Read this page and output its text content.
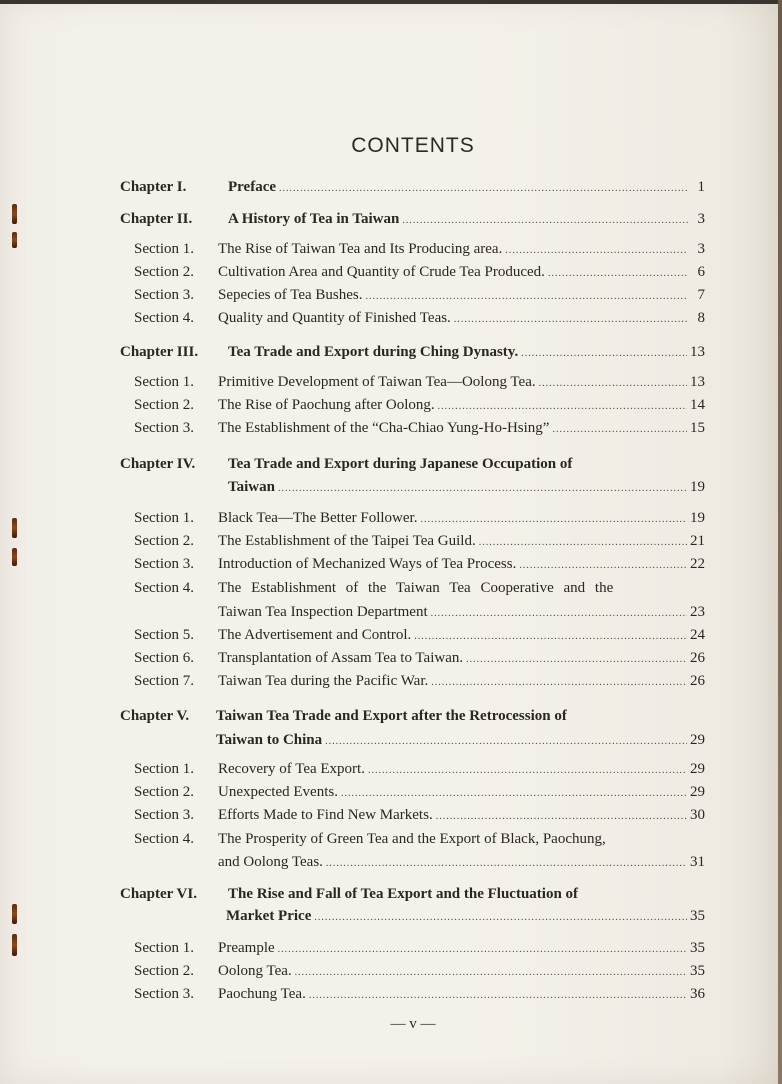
CONTENTS
Chapter I.	Preface .....	1
Chapter II.	A History of Tea in Taiwan .....	3
Section 1.	The Rise of Taiwan Tea and Its Producing area. .....	3
Section 2.	Cultivation Area and Quantity of Crude Tea Produced. .....	6
Section 3.	Sepecies of Tea Bushes. .....	7
Section 4.	Quality and Quantity of Finished Teas. .....	8
Chapter III.	Tea Trade and Export during Ching Dynasty. .....	13
Section 1.	Primitive Development of Taiwan Tea—Oolong Tea. .....	13
Section 2.	The Rise of Paochung after Oolong. .....	14
Section 3.	The Establishment of the “Cha-Chiao Yung-Ho-Hsing” .....	15
Chapter IV.	Tea Trade and Export during Japanese Occupation of
Taiwan .....	19
Section 1.	Black Tea—The Better Follower. .....	19
Section 2.	The Establishment of the Taipei Tea Guild. .....	21
Section 3.	Introduction of Mechanized Ways of Tea Process. .....	22
Section 4.	The Establishment of the Taiwan Tea Cooperative and the
Taiwan Tea Inspection Department .....	23
Section 5.	The Advertisement and Control. .....	24
Section 6.	Transplantation of Assam Tea to Taiwan. .....	26
Section 7.	Taiwan Tea during the Pacific War. .....	26
Chapter V.	Taiwan Tea Trade and Export after the Retrocession of
Taiwan to China .....	29
Section 1.	Recovery of Tea Export. .....	29
Section 2.	Unexpected Events. .....	29
Section 3.	Efforts Made to Find New Markets. .....	30
Section 4.	The Prosperity of Green Tea and the Export of Black, Paochung,
and Oolong Teas. .....	31
Chapter VI.	The Rise and Fall of Tea Export and the Fluctuation of
Market Price .....	35
Section 1.	Preample .....	35
Section 2.	Oolong Tea. .....	35
Section 3.	Paochung Tea. .....	36
— v —
